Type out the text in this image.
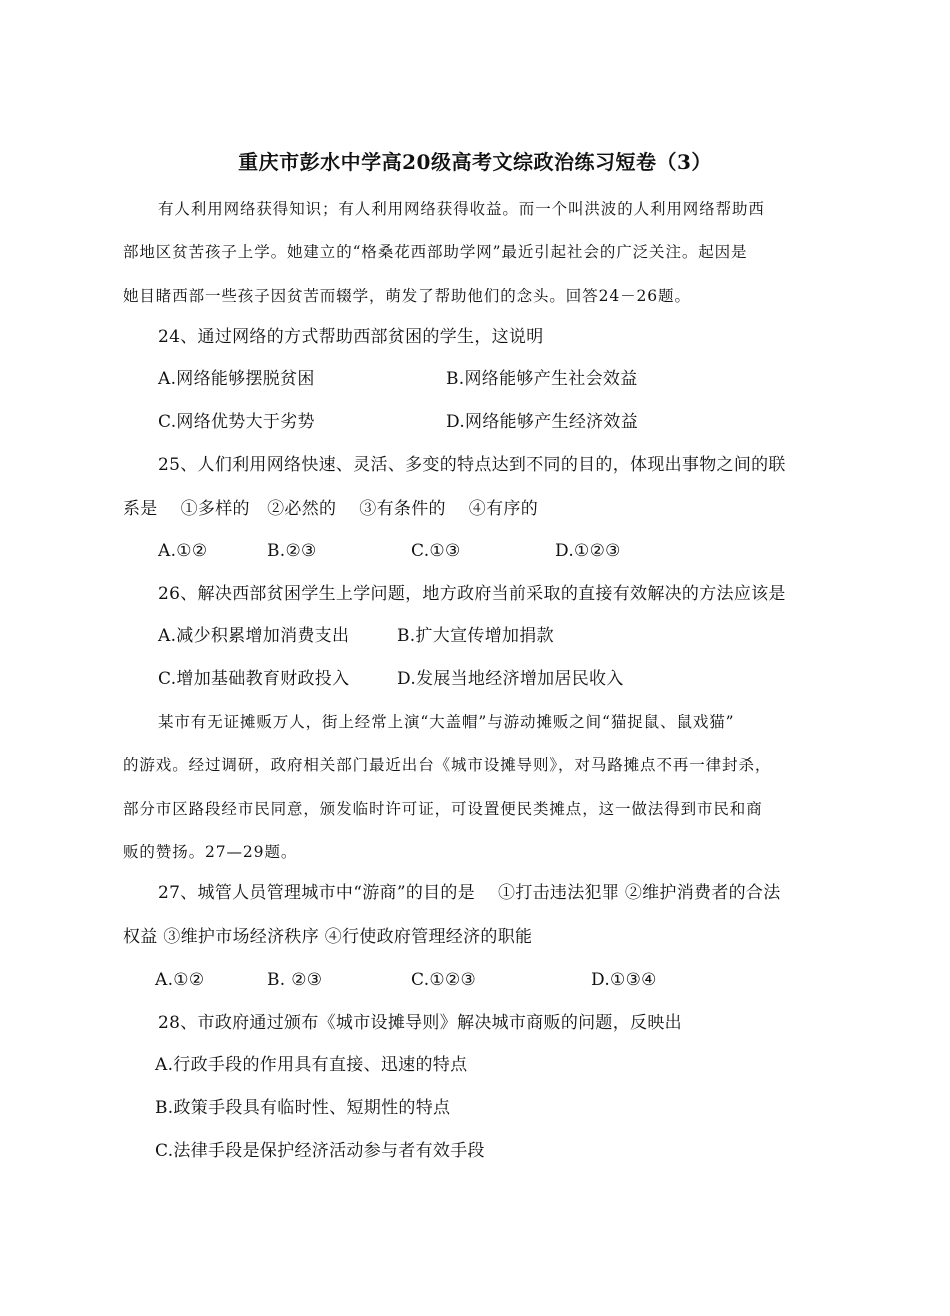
重庆市彭水中学高20级高考文综政治练习短卷（3）
有人利用网络获得知识；有人利用网络获得收益。而一个叫洪波的人利用网络帮助西
部地区贫苦孩子上学。她建立的“格桑花西部助学网”最近引起社会的广泛关注。起因是
她目睹西部一些孩子因贫苦而辍学，萌发了帮助他们的念头。回答24－26题。
24、通过网络的方式帮助西部贫困的学生，这说明
A.网络能够摆脱贫困	B.网络能够产生社会效益
C.网络优势大于劣势	D.网络能够产生经济效益
25、人们利用网络快速、灵活、多变的特点达到不同的目的，体现出事物之间的联
系是　 ①多样的　②必然的　 ③有条件的　 ④有序的
A.①②	B.②③	C.①③	D.①②③
26、解决西部贫困学生上学问题，地方政府当前采取的直接有效解决的方法应该是
A.减少积累增加消费支出	B.扩大宣传增加捐款
C.增加基础教育财政投入	D.发展当地经济增加居民收入
某市有无证摊贩万人，街上经常上演“大盖帽”与游动摊贩之间“猫捉鼠、鼠戏猫”
的游戏。经过调研，政府相关部门最近出台《城市设摊导则》，对马路摊点不再一律封杀，
部分市区路段经市民同意，颁发临时许可证，可设置便民类摊点，这一做法得到市民和商
贩的赞扬。27—29题。
27、城管人员管理城市中“游商”的目的是　 ①打击违法犯罪 ②维护消费者的合法
权益 ③维护市场经济秩序 ④行使政府管理经济的职能
A.①②	B. ②③	C.①②③	D.①③④
28、市政府通过颁布《城市设摊导则》解决城市商贩的问题，反映出
A.行政手段的作用具有直接、迅速的特点
B.政策手段具有临时性、短期性的特点
C.法律手段是保护经济活动参与者有效手段
